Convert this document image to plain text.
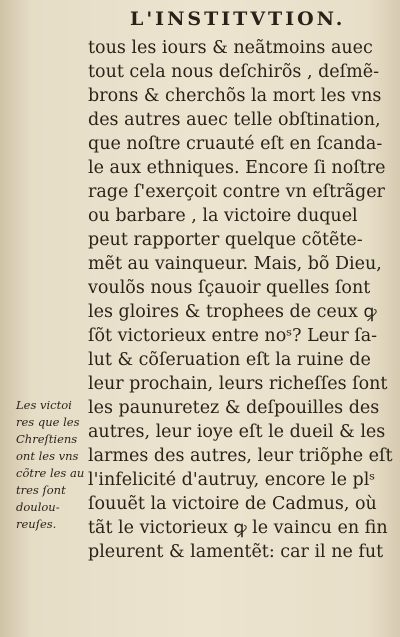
L'INSTITVTION.
tous les iours & neãtmoins auec
tout cela nous deſchirõs , deſmẽ-
brons & cherchõs la mort les vns
des autres auec telle obſtination,
que noſtre cruauté eſt en ſcanda-
le aux ethniques. Encore ſi noſtre
rage ſ'exerçoit contre vn eſtrãger
ou barbare , la victoire duquel
peut rapporter quelque cõtẽte-
mẽt au vainqueur. Mais, bõ Dieu,
voulõs nous ſçauoir quelles ſont
les gloires & trophees de ceux ꝙ
ſõt victorieux entre noˢ? Leur ſa-
lut & cõſeruation eſt la ruine de
leur prochain, leurs richeſſes ſont
les paunuretez & deſpouilles des
autres, leur ioye eſt le dueil & les
larmes des autres, leur triõphe eſt
l'infelicité d'autruy, encore le plˢ
ſouuẽt la victoire de Cadmus, où
tãt le victorieux ꝙ le vaincu en fin
pleurent & lamentẽt: car il ne fut
Les victoi
res que les
Chreſtiens
ont les vns
cõtre les au
tres ſont
doulou-
reuſes.
